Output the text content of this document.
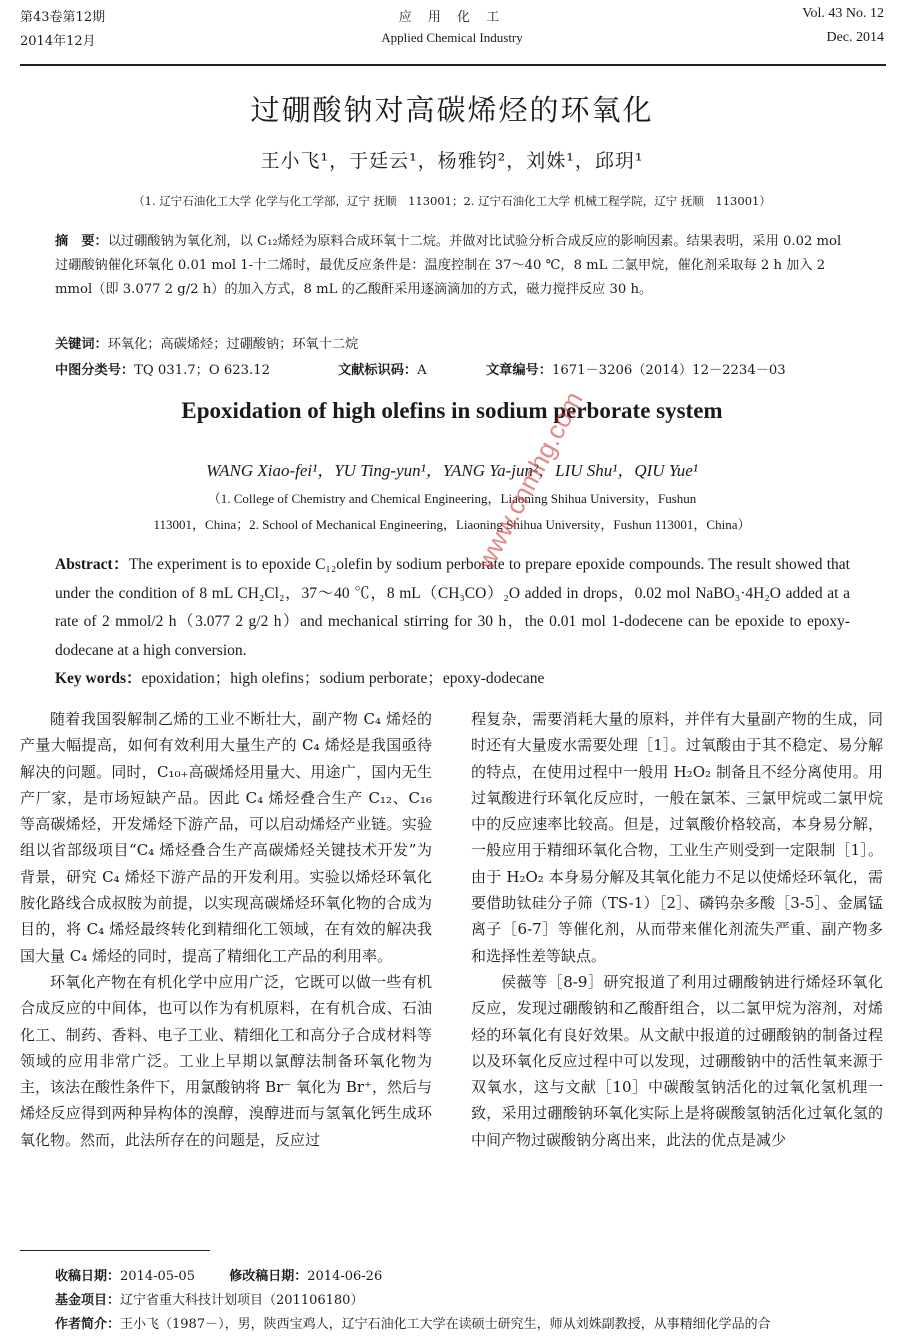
第43卷第12期
2014年12月
应 用 化 工
Applied Chemical Industry
Vol. 43 No. 12
Dec. 2014
过硼酸钠对高碳烯烃的环氧化
王小飞¹，于廷云¹，杨雅钧²，刘姝¹，邱玥¹
（1. 辽宁石油化工大学 化学与化工学部，辽宁 抚顺　113001；2. 辽宁石油化工大学 机械工程学院，辽宁 抚顺　113001）

摘　要：以过硼酸钠为氧化剂，以 C₁₂烯烃为原料合成环氧十二烷。并做对比试验分析合成反应的影响因素。结果表明，采用 0.02 mol 过硼酸钠催化环氧化 0.01 mol 1-十二烯时，最优反应条件是：温度控制在 37～40 ℃，8 mL 二氯甲烷，催化剂采取每 2 h 加入 2 mmol（即 3.077 2 g/2 h）的加入方式，8 mL 的乙酸酐采用逐滴滴加的方式，磁力搅拌反应 30 h。

关键词：环氧化；高碳烯烃；过硼酸钠；环氧十二烷

中图分类号：TQ 031.7；O 623.12	文献标识码：A	文章编号：1671－3206（2014）12－2234－03
Epoxidation of high olefins in sodium perborate system
WANG Xiao-fei¹，YU Ting-yun¹，YANG Ya-jun²，LIU Shu¹，QIU Yue¹
（1. College of Chemistry and Chemical Engineering，Liaoning Shihua University，Fushun
113001，China；2. School of Mechanical Engineering，Liaoning Shihua University，Fushun 113001，China）

Abstract：The experiment is to epoxide C₁₂olefin by sodium perborate to prepare epoxide compounds. The result showed that under the condition of 8 mL CH₂Cl₂，37～40 ℃，8 mL（CH₃CO）₂O added in drops，0.02 mol NaBO₃·4H₂O added at a rate of 2 mmol/2 h（3.077 2 g/2 h）and mechanical stirring for 30 h，the 0.01 mol 1-dodecene can be epoxide to epoxy-dodecane at a high conversion.

Key words：epoxidation；high olefins；sodium perborate；epoxy-dodecane

www.cnmhg.com

随着我国裂解制乙烯的工业不断壮大，副产物 C₄ 烯烃的产量大幅提高，如何有效利用大量生产的 C₄ 烯烃是我国亟待解决的问题。同时，C₁₀₊高碳烯烃用量大、用途广，国内无生产厂家，是市场短缺产品。因此 C₄ 烯烃叠合生产 C₁₂、C₁₆ 等高碳烯烃，开发烯烃下游产品，可以启动烯烃产业链。实验组以省部级项目“C₄ 烯烃叠合生产高碳烯烃关键技术开发”为背景，研究 C₄ 烯烃下游产品的开发利用。实验以烯烃环氧化胺化路线合成叔胺为前提，以实现高碳烯烃环氧化物的合成为目的，将 C₄ 烯烃最终转化到精细化工领域，在有效的解决我国大量 C₄ 烯烃的同时，提高了精细化工产品的利用率。

环氧化产物在有机化学中应用广泛，它既可以做一些有机合成反应的中间体，也可以作为有机原料，在有机合成、石油化工、制药、香料、电子工业、精细化工和高分子合成材料等领域的应用非常广泛。工业上早期以氯醇法制备环氧化物为主，该法在酸性条件下，用氯酸钠将 Br⁻ 氧化为 Br⁺，然后与烯烃反应得到两种异构体的溴醇，溴醇进而与氢氧化钙生成环氧化物。然而，此法所存在的问题是，反应过

程复杂，需要消耗大量的原料，并伴有大量副产物的生成，同时还有大量废水需要处理［1］。过氧酸由于其不稳定、易分解的特点，在使用过程中一般用 H₂O₂ 制备且不经分离使用。用过氧酸进行环氧化反应时，一般在氯苯、三氯甲烷或二氯甲烷中的反应速率比较高。但是，过氧酸价格较高，本身易分解，一般应用于精细环氧化合物，工业生产则受到一定限制［1］。由于 H₂O₂ 本身易分解及其氧化能力不足以使烯烃环氧化，需要借助钛硅分子筛（TS-1）［2］、磷钨杂多酸［3-5］、金属锰离子［6-7］等催化剂，从而带来催化剂流失严重、副产物多和选择性差等缺点。

侯薇等［8-9］研究报道了利用过硼酸钠进行烯烃环氧化反应，发现过硼酸钠和乙酸酐组合，以二氯甲烷为溶剂，对烯烃的环氧化有良好效果。从文献中报道的过硼酸钠的制备过程以及环氧化反应过程中可以发现，过硼酸钠中的活性氧来源于双氧水，这与文献［10］中碳酸氢钠活化的过氧化氢机理一致，采用过硼酸钠环氧化实际上是将碳酸氢钠活化过氧化氢的中间产物过碳酸钠分离出来，此法的优点是减少

收稿日期：2014-05-05	修改稿日期：2014-06-26
基金项目：辽宁省重大科技计划项目（201106180）
作者简介：王小飞（1987－），男，陕西宝鸡人，辽宁石油化工大学在读硕士研究生，师从刘姝副教授，从事精细化学品的合
